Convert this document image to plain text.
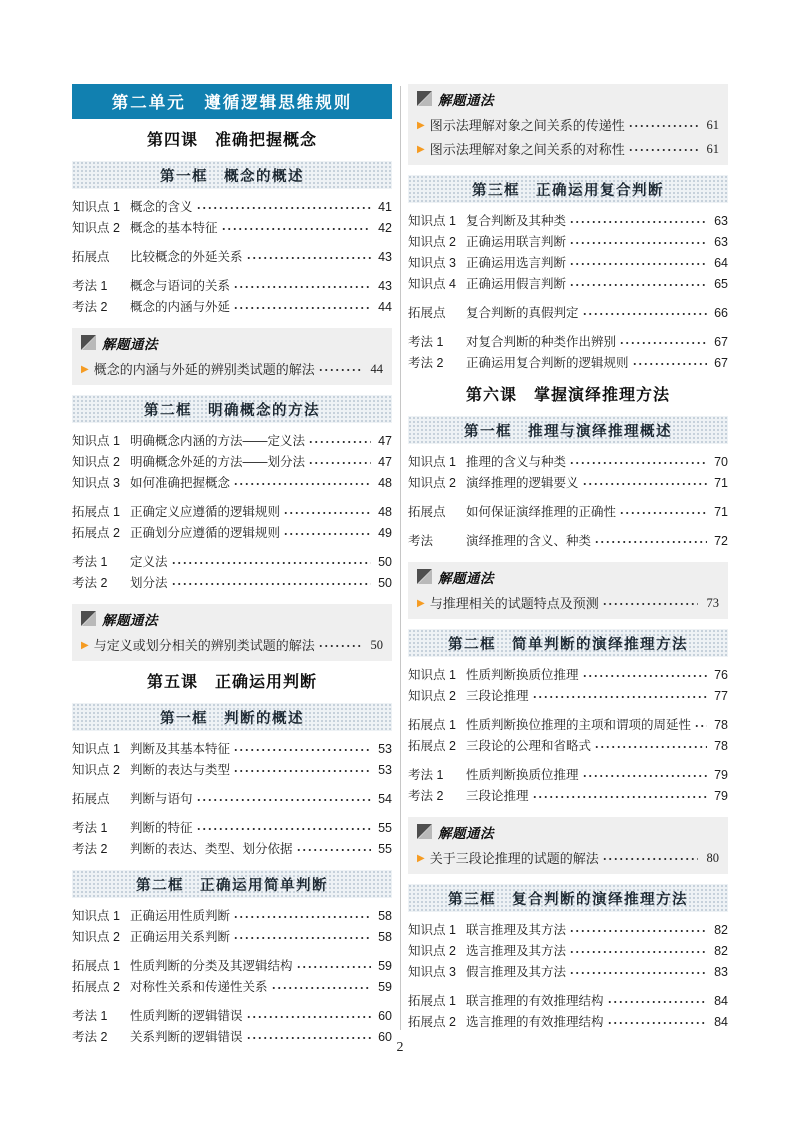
第二单元　遵循逻辑思维规则
第四课　准确把握概念
第一框　概念的概述
知识点 1 概念的含义	41
知识点 2 概念的基本特征	42
拓展点	比较概念的外延关系	43
考法 1	概念与语词的关系	43
考法 2	概念的内涵与外延	44
解题通法
▶ 概念的内涵与外延的辨别类试题的解法	44
第二框　明确概念的方法
知识点 1 明确概念内涵的方法——定义法	47
知识点 2 明确概念外延的方法——划分法	47
知识点 3 如何准确把握概念	48
拓展点 1 正确定义应遵循的逻辑规则	48
拓展点 2 正确划分应遵循的逻辑规则	49
考法 1	定义法	50
考法 2	划分法	50
解题通法
▶ 与定义或划分相关的辨别类试题的解法	50
第五课　正确运用判断
第一框　判断的概述
知识点 1 判断及其基本特征	53
知识点 2 判断的表达与类型	53
拓展点	判断与语句	54
考法 1	判断的特征	55
考法 2	判断的表达、类型、划分依据	55
第二框　正确运用简单判断
知识点 1 正确运用性质判断	58
知识点 2 正确运用关系判断	58
拓展点 1 性质判断的分类及其逻辑结构	59
拓展点 2 对称性关系和传递性关系	59
考法 1	性质判断的逻辑错误	60
考法 2	关系判断的逻辑错误	60
解题通法
▶ 图示法理解对象之间关系的传递性	61
▶ 图示法理解对象之间关系的对称性	61
第三框　正确运用复合判断
知识点 1 复合判断及其种类	63
知识点 2 正确运用联言判断	63
知识点 3 正确运用选言判断	64
知识点 4 正确运用假言判断	65
拓展点	复合判断的真假判定	66
考法 1	对复合判断的种类作出辨别	67
考法 2	正确运用复合判断的逻辑规则	67
第六课　掌握演绎推理方法
第一框　推理与演绎推理概述
知识点 1 推理的含义与种类	70
知识点 2 演绎推理的逻辑要义	71
拓展点	如何保证演绎推理的正确性	71
考法	演绎推理的含义、种类	72
解题通法
▶ 与推理相关的试题特点及预测	73
第二框　简单判断的演绎推理方法
知识点 1 性质判断换质位推理	76
知识点 2 三段论推理	77
拓展点 1 性质判断换位推理的主项和谓项的周延性	78
拓展点 2 三段论的公理和省略式	78
考法 1	性质判断换质位推理	79
考法 2	三段论推理	79
解题通法
▶ 关于三段论推理的试题的解法	80
第三框　复合判断的演绎推理方法
知识点 1 联言推理及其方法	82
知识点 2 选言推理及其方法	82
知识点 3 假言推理及其方法	83
拓展点 1 联言推理的有效推理结构	84
拓展点 2 选言推理的有效推理结构	84
2
